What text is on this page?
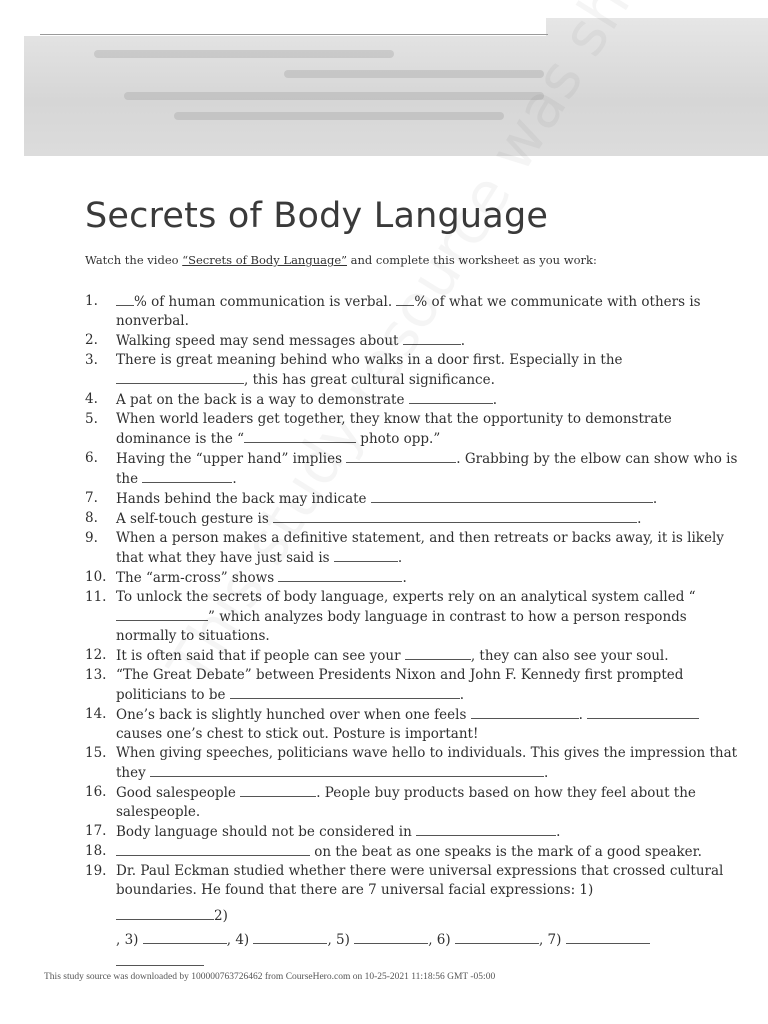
Secrets of Body Language
Watch the video “Secrets of Body Language” and complete this worksheet as you work:
1.	% of human communication is verbal. % of what we communicate with others is nonverbal.
2. Walking speed may send messages about	.
3. There is great meaning behind who walks in a door first. Especially in the , this has great cultural significance.
4. A pat on the back is a way to demonstrate	.
5. When world leaders get together, they know that the opportunity to demonstrate dominance is the “	photo opp.”
6. Having the “upper hand” implies	. Grabbing by the elbow can show who is the	.
7. Hands behind the back may indicate	.
8. A self-touch gesture is	.
9. When a person makes a definitive statement, and then retreats or backs away, it is likely that what they have just said is	.
10. The “arm-cross” shows	.
11. To unlock the secrets of body language, experts rely on an analytical system called “” which analyzes body language in contrast to how a person responds normally to situations.
12. It is often said that if people can see your	, they can also see your soul.
13. “The Great Debate” between Presidents Nixon and John F. Kennedy first prompted politicians to be	.
14. One’s back is slightly hunched over when one feels	.  causes one’s chest to stick out. Posture is important!
15. When giving speeches, politicians wave hello to individuals. This gives the impression that they	.
16. Good salespeople	. People buy products based on how they feel about the salespeople.
17. Body language should not be considered in	.
18.	on the beat as one speaks is the mark of a good speaker.
19. Dr. Paul Eckman studied whether there were universal expressions that crossed cultural boundaries. He found that there are 7 universal facial expressions: 1)
2)
, 3)	, 4)	, 5)	, 6)	, 7)

This study source was downloaded by 100000763726462 from CourseHero.com on 10-25-2021 11:18:56 GMT -05:00
